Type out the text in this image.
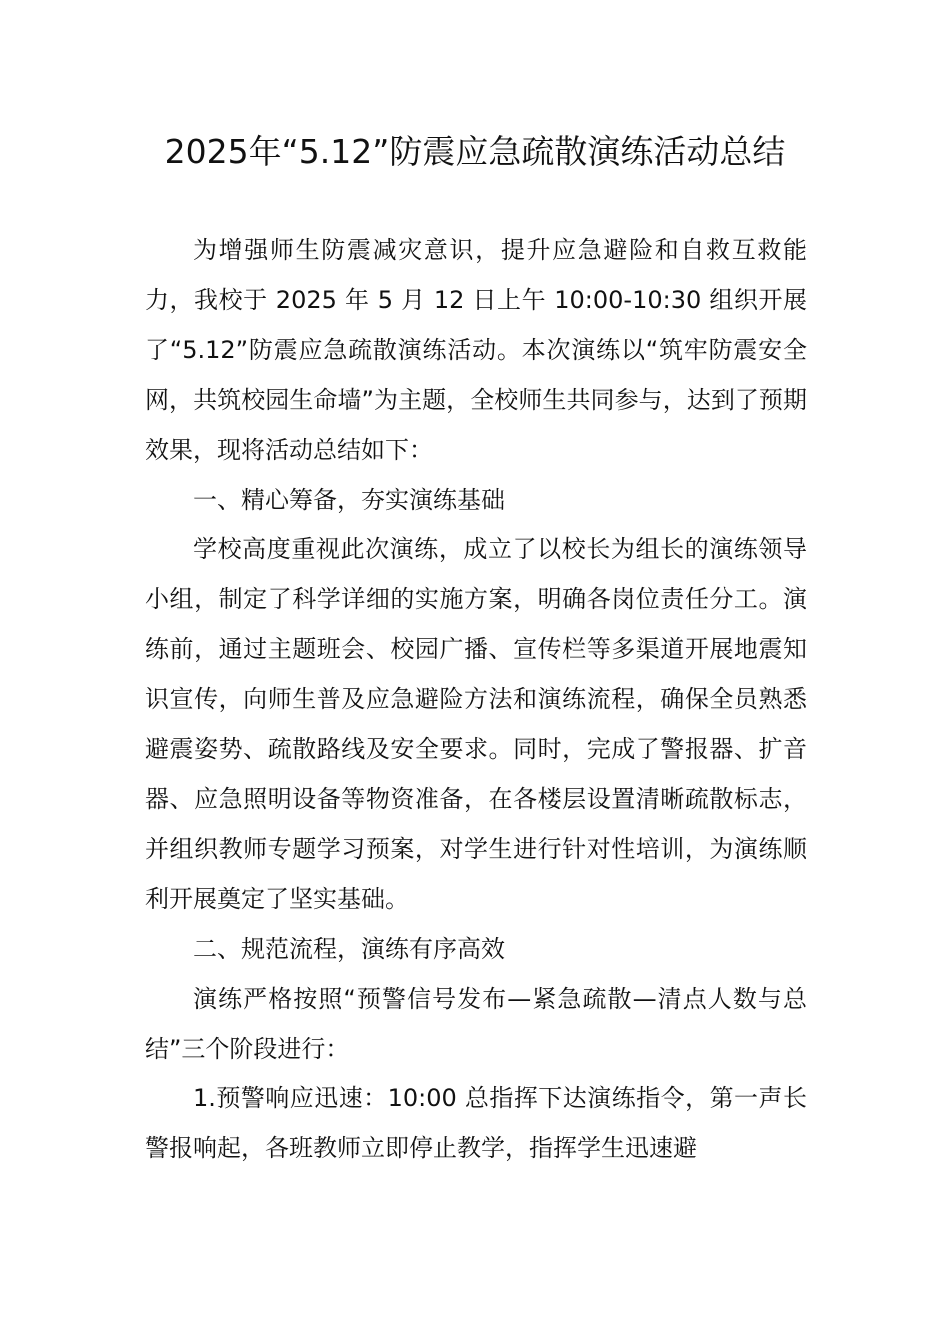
2025年“5.12”防震应急疏散演练活动总结

为增强师生防震减灾意识，提升应急避险和自救互救能力，我校于 2025 年 5 月 12 日上午 10:00-10:30 组织开展了“5.12”防震应急疏散演练活动。本次演练以“筑牢防震安全网，共筑校园生命墙”为主题，全校师生共同参与，达到了预期效果，现将活动总结如下：

一、精心筹备，夯实演练基础

学校高度重视此次演练，成立了以校长为组长的演练领导小组，制定了科学详细的实施方案，明确各岗位责任分工。演练前，通过主题班会、校园广播、宣传栏等多渠道开展地震知识宣传，向师生普及应急避险方法和演练流程，确保全员熟悉避震姿势、疏散路线及安全要求。同时，完成了警报器、扩音器、应急照明设备等物资准备，在各楼层设置清晰疏散标志，并组织教师专题学习预案，对学生进行针对性培训，为演练顺利开展奠定了坚实基础。

二、规范流程，演练有序高效

演练严格按照“预警信号发布—紧急疏散—清点人数与总结”三个阶段进行：

1.预警响应迅速：10:00 总指挥下达演练指令，第一声长警报响起，各班教师立即停止教学，指挥学生迅速避
